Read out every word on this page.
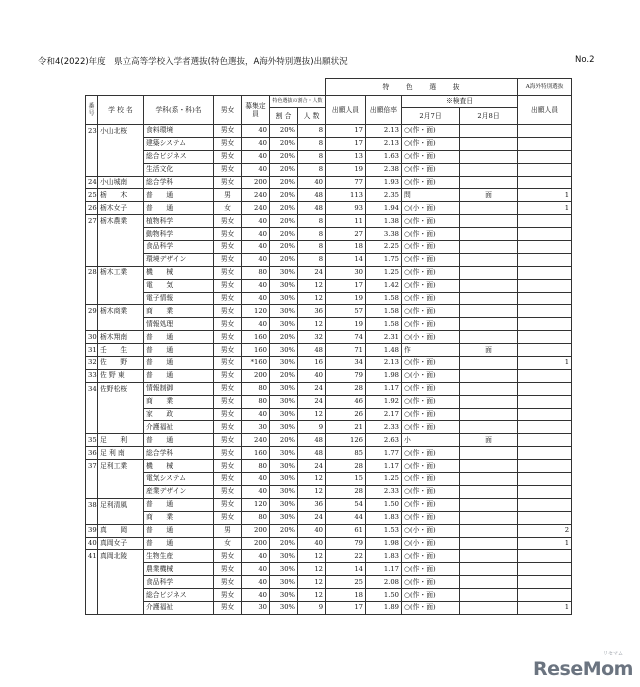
令和4(2022)年度　県立高等学校入学者選抜(特色選抜，A海外特別選抜)出願状況	No.2
							特　　色　　選　　抜				A海外特別選抜
番号	学 校 名	学科(系・科)名	男女	募集定員	特色選抜の割合・人数		出願人員	出願倍率	※検査日		出願人員
					割 合	人 数			2月7日	2月8日	
23	小山北桜	食料環境	男女	40	20%	8	17	2.13	○(作・面)		
		建築システム	男女	40	20%	8	17	2.13	○(作・面)		
		総合ビジネス	男女	40	20%	8	13	1.63	○(作・面)		
		生活文化	男女	40	20%	8	19	2.38	○(作・面)		
24	小山城南	総合学科	男女	200	20%	40	77	1.93	○(作・面)		
25	栃　　木	普　　通	男	240	20%	48	113	2.35	問	面	1
26	栃木女子	普　　通	女	240	20%	48	93	1.94	○(小・面)		1
27	栃木農業	植物科学	男女	40	20%	8	11	1.38	○(作・面)		
		動物科学	男女	40	20%	8	27	3.38	○(作・面)		
		食品科学	男女	40	20%	8	18	2.25	○(作・面)		
		環境デザイン	男女	40	20%	8	14	1.75	○(作・面)		
28	栃木工業	機　　械	男女	80	30%	24	30	1.25	○(作・面)		
		電　　気	男女	40	30%	12	17	1.42	○(作・面)		
		電子情報	男女	40	30%	12	19	1.58	○(作・面)		
29	栃木商業	商　　業	男女	120	30%	36	57	1.58	○(作・面)		
		情報処理	男女	40	30%	12	19	1.58	○(作・面)		
30	栃木翔南	普　　通	男女	160	20%	32	74	2.31	○(小・面)		
31	壬　　生	普　　通	男女	160	30%	48	71	1.48	作	面	
32	佐　　野	普　　通	男女	*160	30%	16	34	2.13	○(作・面)		1
33	佐 野 東	普　　通	男女	200	20%	40	79	1.98	○(小・面)		
34	佐野松桜	情報制御	男女	80	30%	24	28	1.17	○(作・面)		
		商　　業	男女	80	30%	24	46	1.92	○(作・面)		
		家　　政	男女	40	30%	12	26	2.17	○(作・面)		
		介護福祉	男女	30	30%	9	21	2.33	○(作・面)		
35	足　　利	普　　通	男女	240	20%	48	126	2.63	小	面	
36	足 利 南	総合学科	男女	160	30%	48	85	1.77	○(作・面)		
37	足利工業	機　　械	男女	80	30%	24	28	1.17	○(作・面)		
		電気システム	男女	40	30%	12	15	1.25	○(作・面)		
		産業デザイン	男女	40	30%	12	28	2.33	○(作・面)		
38	足利清風	普　　通	男女	120	30%	36	54	1.50	○(作・面)		
		商　　業	男女	80	30%	24	44	1.83	○(作・面)		
39	真　　岡	普　　通	男	200	20%	40	61	1.53	○(小・面)		2
40	真岡女子	普　　通	女	200	20%	40	79	1.98	○(小・面)		1
41	真岡北陵	生物生産	男女	40	30%	12	22	1.83	○(作・面)		
		農業機械	男女	40	30%	12	14	1.17	○(作・面)		
		食品科学	男女	40	30%	12	25	2.08	○(作・面)		
		総合ビジネス	男女	40	30%	12	18	1.50	○(作・面)		
		介護福祉	男女	30	30%	9	17	1.89	○(作・面)		1
ReseMom
リセマム
